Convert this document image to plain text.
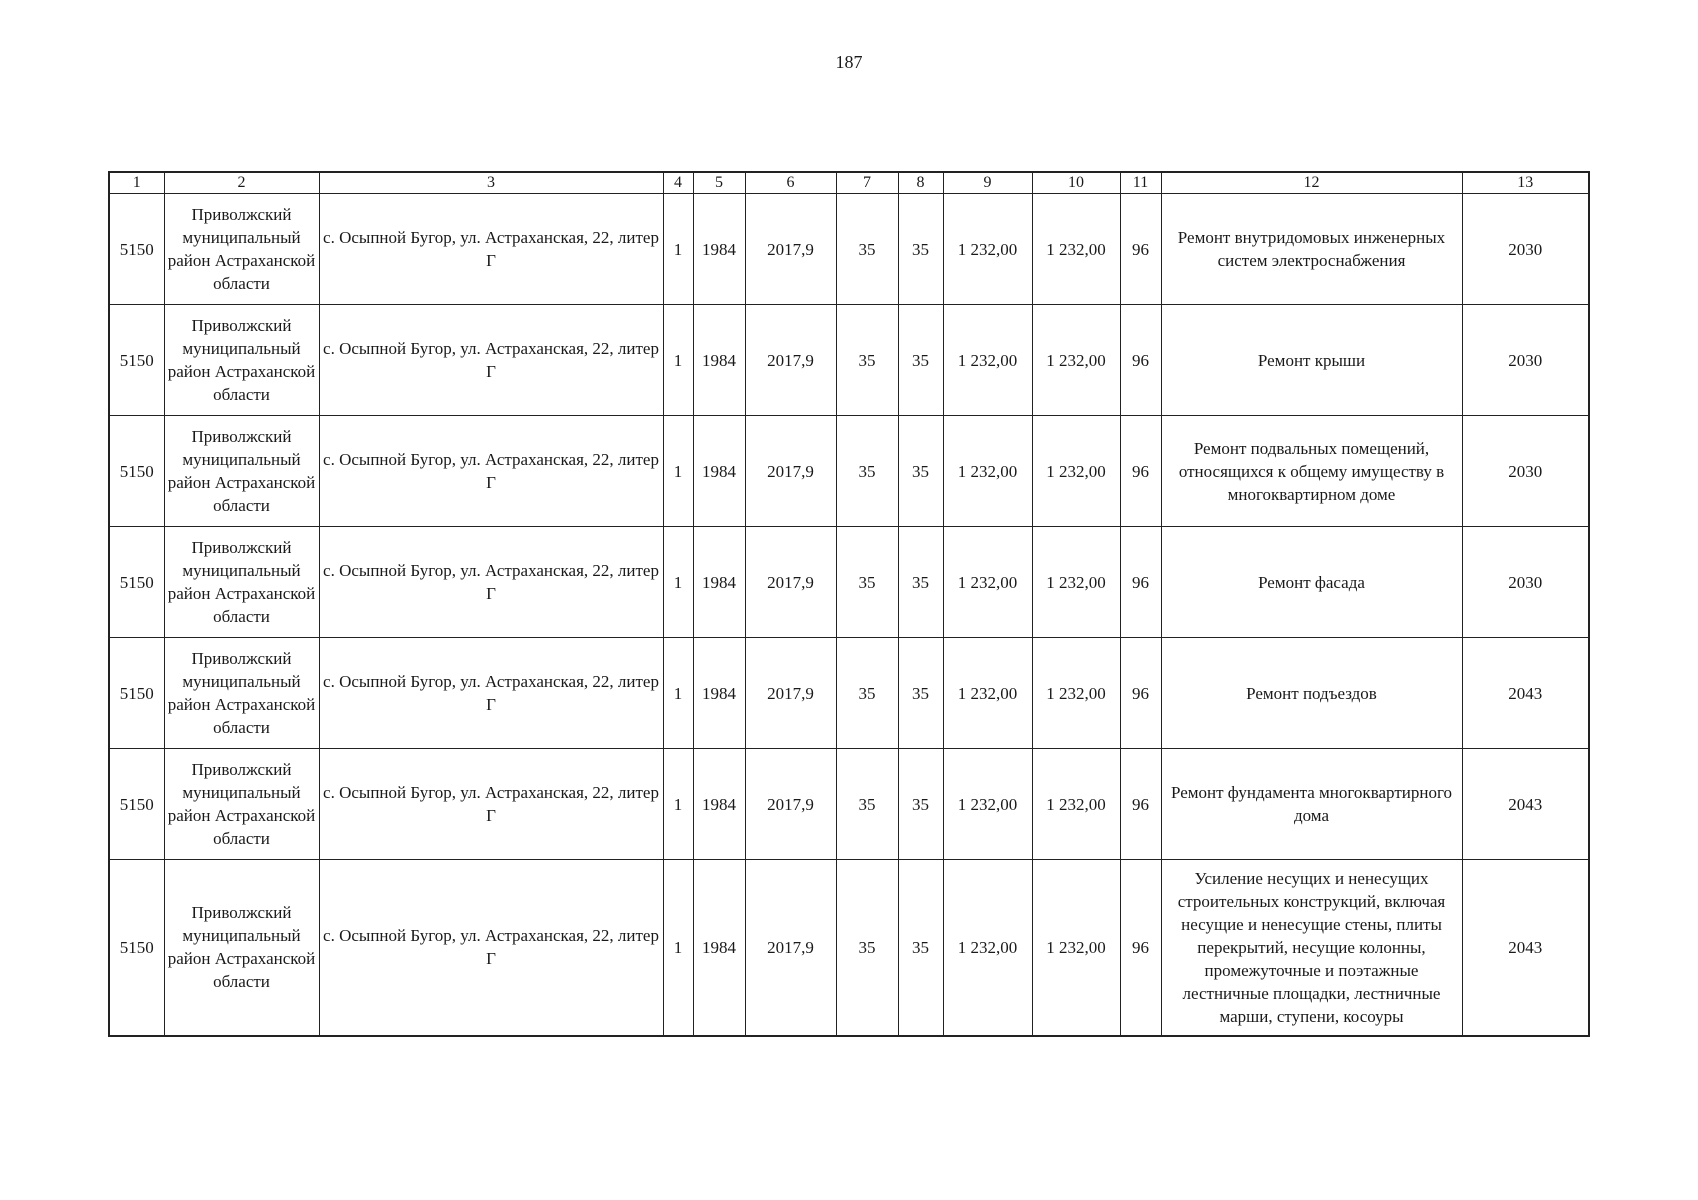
187
1	2	3	4	5	6	7	8	9	10	11	12	13
5150	Приволжский муниципальный район Астраханской области	с. Осыпной Бугор, ул. Астраханская, 22, литер Г	1	1984	2017,9	35	35	1 232,00	1 232,00	96	Ремонт внутридомовых инженерных систем электроснабжения	2030
5150	Приволжский муниципальный район Астраханской области	с. Осыпной Бугор, ул. Астраханская, 22, литер Г	1	1984	2017,9	35	35	1 232,00	1 232,00	96	Ремонт крыши	2030
5150	Приволжский муниципальный район Астраханской области	с. Осыпной Бугор, ул. Астраханская, 22, литер Г	1	1984	2017,9	35	35	1 232,00	1 232,00	96	Ремонт подвальных помещений, относящихся к общему имуществу в многоквартирном доме	2030
5150	Приволжский муниципальный район Астраханской области	с. Осыпной Бугор, ул. Астраханская, 22, литер Г	1	1984	2017,9	35	35	1 232,00	1 232,00	96	Ремонт фасада	2030
5150	Приволжский муниципальный район Астраханской области	с. Осыпной Бугор, ул. Астраханская, 22, литер Г	1	1984	2017,9	35	35	1 232,00	1 232,00	96	Ремонт подъездов	2043
5150	Приволжский муниципальный район Астраханской области	с. Осыпной Бугор, ул. Астраханская, 22, литер Г	1	1984	2017,9	35	35	1 232,00	1 232,00	96	Ремонт фундамента многоквартирного дома	2043
5150	Приволжский муниципальный район Астраханской области	с. Осыпной Бугор, ул. Астраханская, 22, литер Г	1	1984	2017,9	35	35	1 232,00	1 232,00	96	Усиление несущих и ненесущих строительных конструкций, включая несущие и ненесущие стены, плиты перекрытий, несущие колонны, промежуточные и поэтажные лестничные площадки, лестничные марши, ступени, косоуры	2043
